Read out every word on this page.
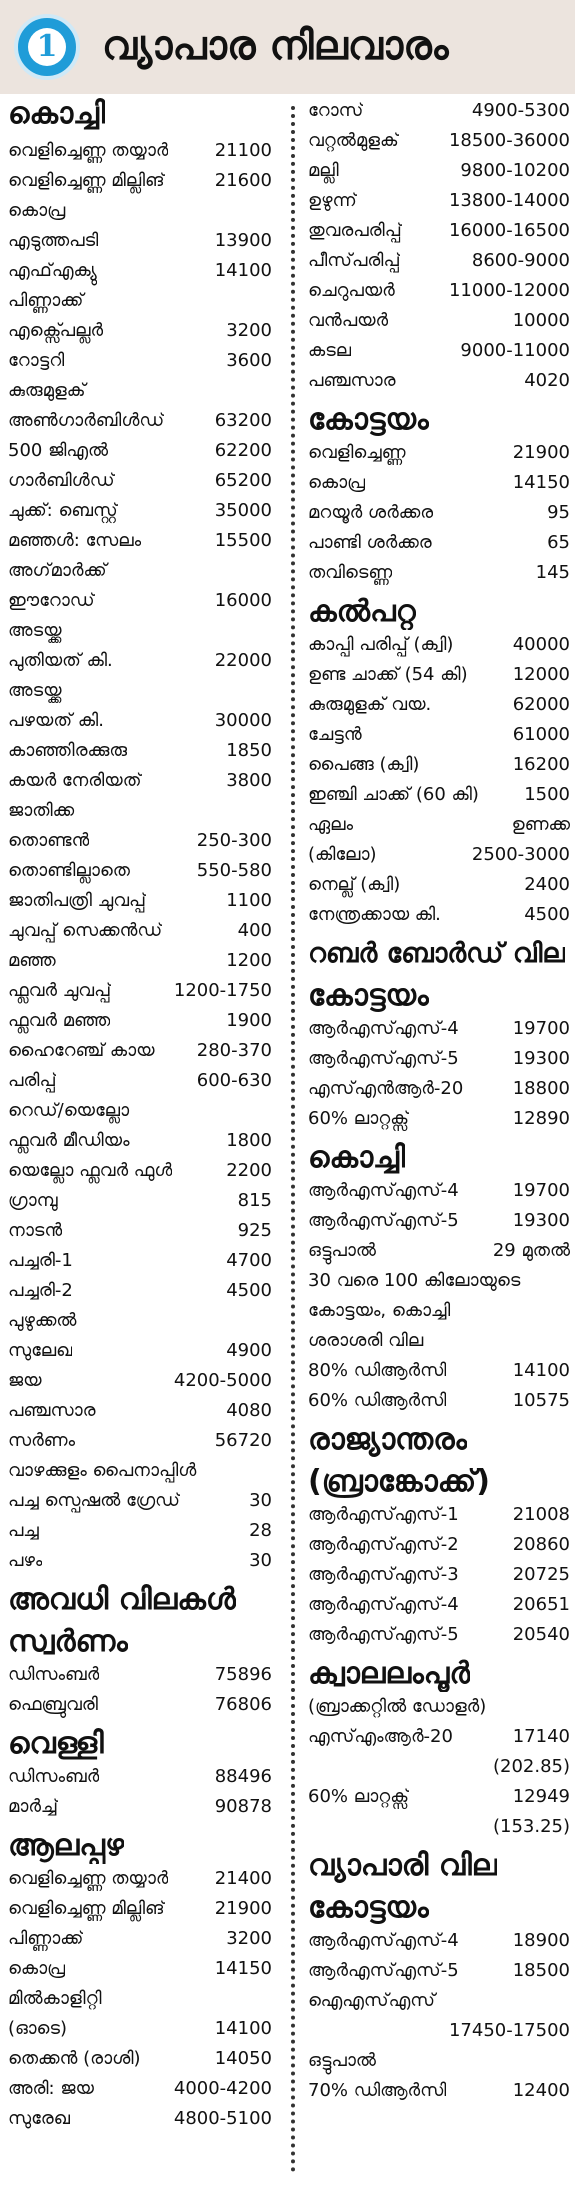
1 വ്യാപാര നിലവാരം
കൊച്ചി
വെളിച്ചെണ്ണ തയ്യാർ	21100
വെളിച്ചെണ്ണ മില്ലിങ്	21600
കൊപ്ര
എടുത്തപടി	13900
എഫ്എക്യു	14100
പിണ്ണാക്ക്
എക്സ്പെല്ലർ	3200
റോട്ടറി	3600
കുരുമുളക്
അൺഗാർബിൾഡ്	63200
500 ജിഎൽ	62200
ഗാർബിൾഡ്	65200
ചുക്ക്: ബെസ്റ്റ്	35000
മഞ്ഞൾ: സേലം	15500
അഗ്‌മാർക്ക്
ഈറോഡ്	16000
അടയ്ക്ക
പുതിയത് കി.	22000
അടയ്ക്ക
പഴയത് കി.	30000
കാഞ്ഞിരക്കുരു	1850
കയർ നേരിയത്	3800
ജാതിക്ക
തൊണ്ടൻ	250-300
തൊണ്ടില്ലാതെ	550-580
ജാതിപത്രി ചുവപ്പ്	1100
ചുവപ്പ് സെക്കൻഡ്	400
മഞ്ഞ	1200
ഫ്ലവർ ചുവപ്പ്	1200-1750
ഫ്ലവർ മഞ്ഞ	1900
ഹൈറേഞ്ച് കായ 280-370
പരിപ്പ്	600-630
റെഡ്/യെല്ലോ
ഫ്ലവർ മീഡിയം	1800
യെല്ലോ ഫ്ലവർ ഫുൾ	2200
ഗ്രാമ്പു	815
നാടൻ	925
പച്ചരി-1	4700
പച്ചരി-2	4500
പുഴുക്കൽ
സുലേഖ	4900
ജയ	4200-5000
പഞ്ചസാര	4080
സർണം	56720
വാഴക്കുളം പൈനാപ്പിൾ
പച്ച സ്പെഷൽ ഗ്രേഡ്	30
പച്ച	28
പഴം	30
അവധി വിലകൾ
സ്വർണം
ഡിസംബർ	75896
ഫെബ്രുവരി	76806
വെള്ളി
ഡിസംബർ	88496
മാർച്ച്	90878
ആലപ്പുഴ
വെളിച്ചെണ്ണ തയ്യാർ	21400
വെളിച്ചെണ്ണ മില്ലിങ്	21900
പിണ്ണാക്ക്	3200
കൊപ്ര	14150
മിൽകാളിറ്റി
(ഓടെ)	14100
തെക്കൻ (രാശി)	14050
അരി: ജയ	4000-4200
സുരേഖ	4800-5100
റോസ്	4900-5300
വറ്റൽമുളക്	18500-36000
മല്ലി	9800-10200
ഉഴുന്ന്	13800-14000
തുവരപരിപ്പ്	16000-16500
പീസ്‌പരിപ്പ്	8600-9000
ചെറുപയർ	11000-12000
വൻപയർ	10000
കടല	9000-11000
പഞ്ചസാര	4020
കോട്ടയം
വെളിച്ചെണ്ണ	21900
കൊപ്ര	14150
മറയൂർ ശർക്കര	95
പാണ്ടി ശർക്കര	65
തവിടെണ്ണ	145
കൽപറ്റ
കാപ്പി പരിപ്പ് (ക്വി)	40000
ഉണ്ട ചാക്ക് (54 കി)	12000
കുരുമുളക് വയ.	62000
ചേട്ടൻ	61000
പൈങ്ങ (ക്വി)	16200
ഇഞ്ചി ചാക്ക് (60 കി)	1500
ഏലം	ഉണക്ക
(കിലോ)	2500-3000
നെല്ല് (ക്വി)	2400
നേന്ത്രക്കായ കി.	4500
റബർ ബോർഡ് വില
കോട്ടയം
ആർഎസ്എസ്-4	19700
ആർഎസ്എസ്-5	19300
എസ്എൻആർ-20	18800
60% ലാറ്റക്സ്	12890
കൊച്ചി
ആർഎസ്എസ്-4	19700
ആർഎസ്എസ്-5	19300
ഒട്ടുപാൽ	29 മുതൽ
30 വരെ 100 കിലോയുടെ
കോട്ടയം, കൊച്ചി
ശരാശരി വില
80% ഡിആർസി	14100
60% ഡിആർസി	10575
രാജ്യാന്തരം
(ബ്രാങ്കോക്ക്)
ആർഎസ്എസ്-1	21008
ആർഎസ്എസ്-2	20860
ആർഎസ്എസ്-3	20725
ആർഎസ്എസ്-4	20651
ആർഎസ്എസ്-5	20540
ക്വാലലംപൂർ
(ബ്രാക്കറ്റിൽ ഡോളർ)
എസ്എംആർ-20	17140
(202.85)
60% ലാറ്റക്സ്	12949
(153.25)
വ്യാപാരി വില
കോട്ടയം
ആർഎസ്എസ്-4	18900
ആർഎസ്എസ്-5	18500
ഐഎസ്എസ്
17450-17500
ഒട്ടുപാൽ
70% ഡിആർസി	12400
